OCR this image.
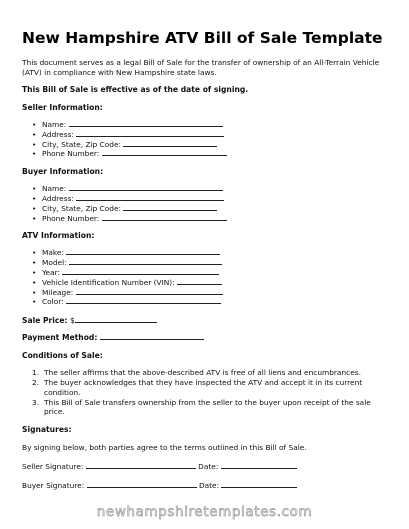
New Hampshire ATV Bill of Sale Template

This document serves as a legal Bill of Sale for the transfer of ownership of an All-Terrain Vehicle (ATV) in compliance with New Hampshire state laws.

This Bill of Sale is effective as of the date of signing.

Seller Information:
• Name:
• Address:
• City, State, Zip Code:
• Phone Number:
Buyer Information:
• Name:
• Address:
• City, State, Zip Code:
• Phone Number:
ATV Information:
• Make:
• Model:
• Year:
• Vehicle Identification Number (VIN):
• Mileage:
• Color:
Sale Price: $
Payment Method:
Conditions of Sale:
1. The seller affirms that the above-described ATV is free of all liens and encumbrances.
2. The buyer acknowledges that they have inspected the ATV and accept it in its current condition.
3. This Bill of Sale transfers ownership from the seller to the buyer upon receipt of the sale price.
Signatures:

By signing below, both parties agree to the terms outlined in this Bill of Sale.

Seller Signature:	Date:
Buyer Signature:	Date:
newhampshiretemplates.com
